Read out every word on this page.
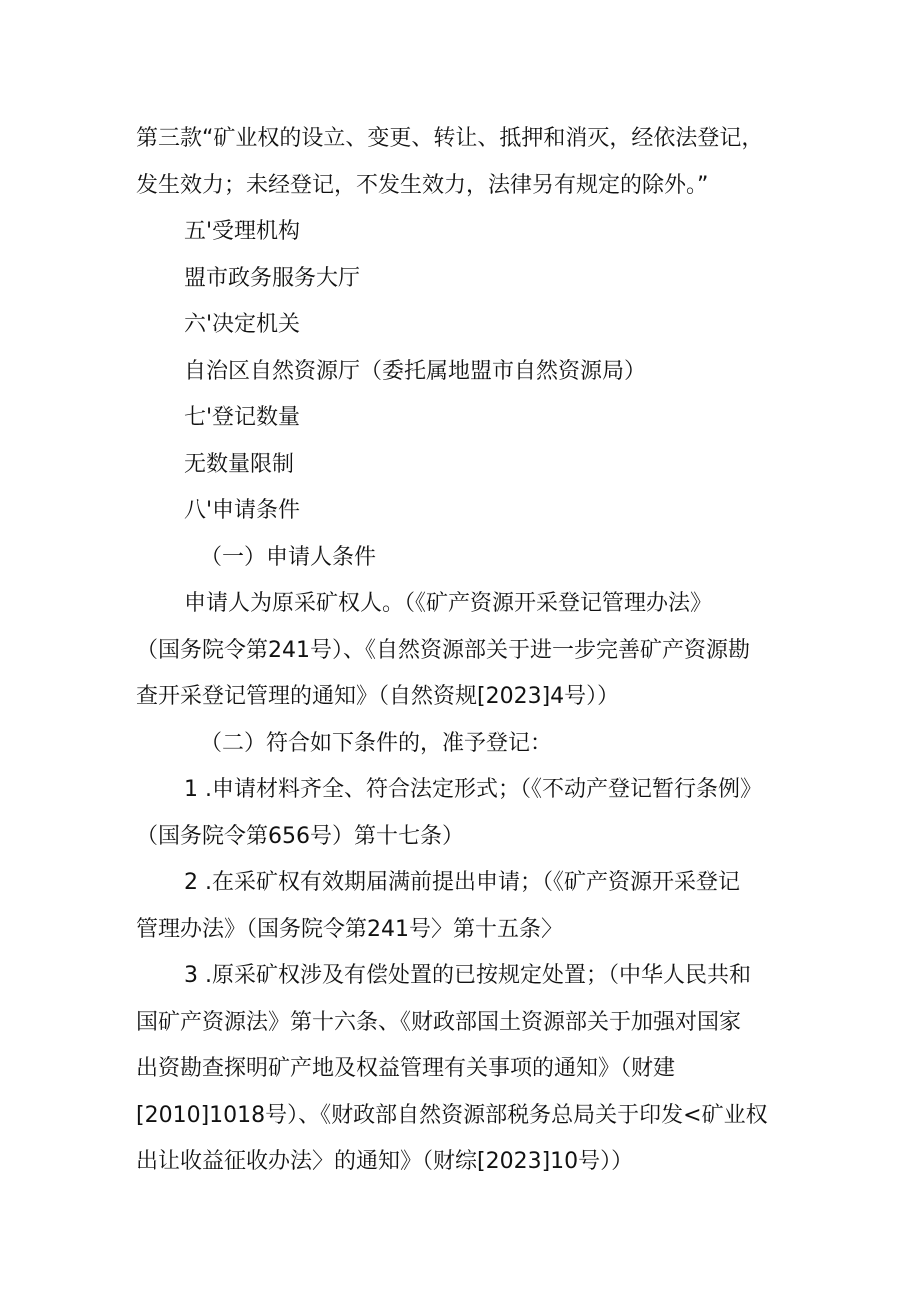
第三款“矿业权的设立、变更、转让、抵押和消灭，经依法登记，
发生效力；未经登记，不发生效力，法律另有规定的除外。”
五'受理机构
盟市政务服务大厅
六'决定机关
自治区自然资源厅（委托属地盟市自然资源局）
七'登记数量
无数量限制
八'申请条件
（一）申请人条件
申请人为原采矿权人。（《矿产资源开采登记管理办法》
（国务院令第241号）、《自然资源部关于进一步完善矿产资源勘
查开采登记管理的通知》（自然资规[2023]4号））
（二）符合如下条件的，准予登记：
1 .申请材料齐全、符合法定形式；（《不动产登记暂行条例》
（国务院令第656号）第十七条）
2 .在采矿权有效期届满前提出申请；（《矿产资源开采登记
管理办法》（国务院令第241号〉第十五条〉
3 .原采矿权涉及有偿处置的已按规定处置；（中华人民共和
国矿产资源法》第十六条、《财政部国土资源部关于加强对国家
出资勘查探明矿产地及权益管理有关事项的通知》（财建
[2010]1018号）、《财政部自然资源部税务总局关于印发<矿业权
出让收益征收办法〉的通知》（财综[2023]10号））
